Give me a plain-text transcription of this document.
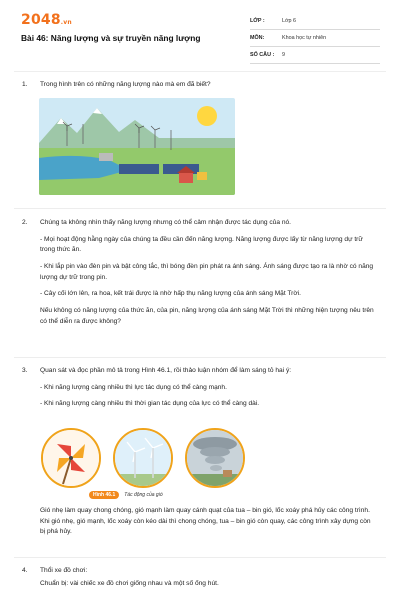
2048.vn
Bài 46: Năng lượng và sự truyền năng lượng
LỚP :	Lớp 6
MÔN:	Khoa học tự nhiên
SỐ CÂU :	9
1.	Trong hình trên có những năng lượng nào mà em đã biết?

2.	Chúng ta không nhìn thấy năng lượng nhưng có thể cảm nhận được tác dụng của nó.

- Mọi hoạt động hằng ngày của chúng ta đều cần đến năng lượng. Năng lượng được lấy từ năng lượng dự trữ trong thức ăn.

- Khi lắp pin vào đèn pin và bật công tắc, thì bóng đèn pin phát ra ánh sáng. Ánh sáng được tạo ra là nhờ có năng lượng dự trữ trong pin.

- Cây cối lớn lên, ra hoa, kết trái được là nhờ hấp thụ năng lượng của ánh sáng Mặt Trời.

Nếu không có năng lượng của thức ăn, của pin, năng lượng của ánh sáng Mặt Trời thì những hiện tượng nêu trên có thể diễn ra được không?

3.	Quan sát và đọc phần mô tả trong Hình 46.1, rồi thảo luận nhóm để làm sáng tỏ hai ý:

- Khi năng lượng càng nhiều thì lực tác dụng có thể càng mạnh.

- Khi năng lượng càng nhiều thì thời gian tác dụng của lực có thể càng dài.

Hình 46.1	Tác động của gió

Gió nhẹ làm quay chong chóng, gió mạnh làm quay cánh quạt của tua – bin gió, lốc xoáy phá hủy các công trình. Khi gió nhẹ, gió mạnh, lốc xoáy còn kéo dài thì chong chóng, tua – bin gió còn quay, các công trình xây dựng còn bị phá hủy.

4.	Thổi xe đồ chơi:

Chuẩn bị: vài chiếc xe đồ chơi giống nhau và một số ống hút.
